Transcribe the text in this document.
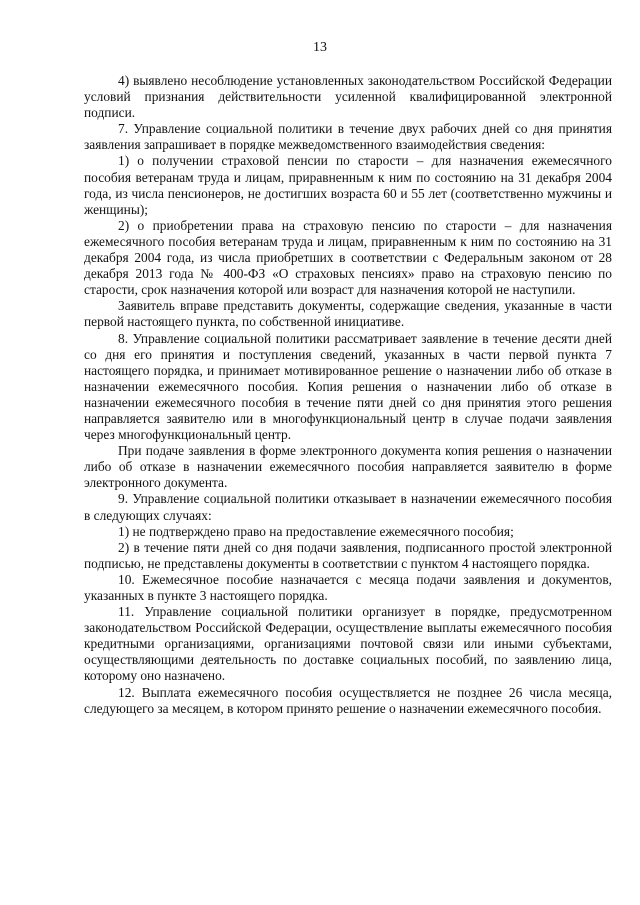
13

4) выявлено несоблюдение установленных законодательством Российской Федерации условий признания действительности усиленной квалифицированной электронной подписи.

7. Управление социальной политики в течение двух рабочих дней со дня принятия заявления запрашивает в порядке межведомственного взаимодействия сведения:

1) о получении страховой пенсии по старости – для назначения ежемесячного пособия ветеранам труда и лицам, приравненным к ним по состоянию на 31 декабря 2004 года, из числа пенсионеров, не достигших возраста 60 и 55 лет (соответственно мужчины и женщины);

2) о приобретении права на страховую пенсию по старости – для назначения ежемесячного пособия ветеранам труда и лицам, приравненным к ним по состоянию на 31 декабря 2004 года, из числа приобретших в соответствии с Федеральным законом от 28 декабря 2013 года № 400-ФЗ «О страховых пенсиях» право на страховую пенсию по старости, срок назначения которой или возраст для назначения которой не наступили.

Заявитель вправе представить документы, содержащие сведения, указанные в части первой настоящего пункта, по собственной инициативе.

8. Управление социальной политики рассматривает заявление в течение десяти дней со дня его принятия и поступления сведений, указанных в части первой пункта 7 настоящего порядка, и принимает мотивированное решение о назначении либо об отказе в назначении ежемесячного пособия. Копия решения о назначении либо об отказе в назначении ежемесячного пособия в течение пяти дней со дня принятия этого решения направляется заявителю или в многофункциональный центр в случае подачи заявления через многофункциональный центр.

При подаче заявления в форме электронного документа копия решения о назначении либо об отказе в назначении ежемесячного пособия направляется заявителю в форме электронного документа.

9. Управление социальной политики отказывает в назначении ежемесячного пособия в следующих случаях:

1) не подтверждено право на предоставление ежемесячного пособия;

2) в течение пяти дней со дня подачи заявления, подписанного простой электронной подписью, не представлены документы в соответствии с пунктом 4 настоящего порядка.

10. Ежемесячное пособие назначается с месяца подачи заявления и документов, указанных в пункте 3 настоящего порядка.

11. Управление социальной политики организует в порядке, предусмотренном законодательством Российской Федерации, осуществление выплаты ежемесячного пособия кредитными организациями, организациями почтовой связи или иными субъектами, осуществляющими деятельность по доставке социальных пособий, по заявлению лица, которому оно назначено.

12. Выплата ежемесячного пособия осуществляется не позднее 26 числа месяца, следующего за месяцем, в котором принято решение о назначении ежемесячного пособия.
